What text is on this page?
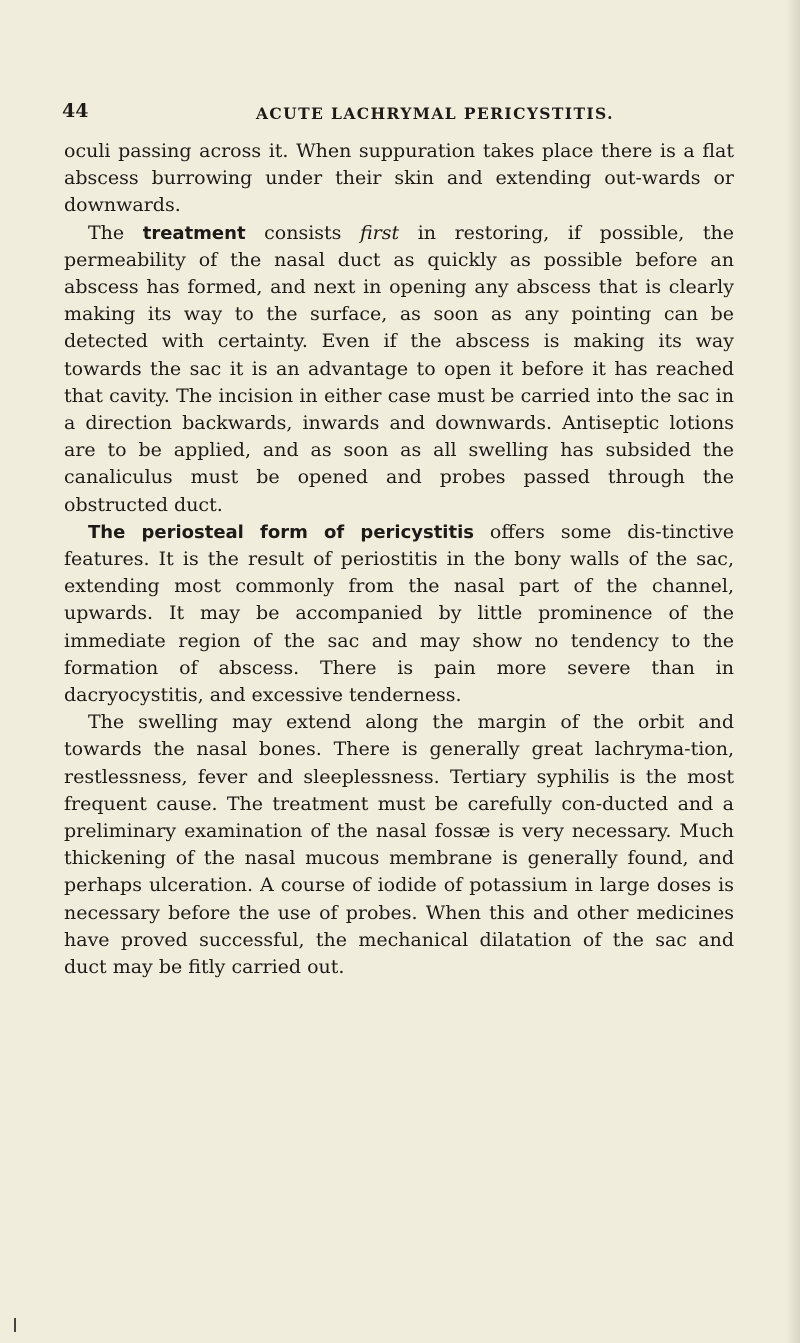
44	ACUTE LACHRYMAL PERICYSTITIS.

oculi passing across it. When suppuration takes place there is a flat abscess burrowing under their skin and extending out-wards or downwards.

The treatment consists first in restoring, if possible, the permeability of the nasal duct as quickly as possible before an abscess has formed, and next in opening any abscess that is clearly making its way to the surface, as soon as any pointing can be detected with certainty. Even if the abscess is making its way towards the sac it is an advantage to open it before it has reached that cavity. The incision in either case must be carried into the sac in a direction backwards, inwards and downwards. Antiseptic lotions are to be applied, and as soon as all swelling has subsided the canaliculus must be opened and probes passed through the obstructed duct.

The periosteal form of pericystitis offers some dis-tinctive features. It is the result of periostitis in the bony walls of the sac, extending most commonly from the nasal part of the channel, upwards. It may be accompanied by little prominence of the immediate region of the sac and may show no tendency to the formation of abscess. There is pain more severe than in dacryocystitis, and excessive tenderness.

The swelling may extend along the margin of the orbit and towards the nasal bones. There is generally great lachryma-tion, restlessness, fever and sleeplessness. Tertiary syphilis is the most frequent cause. The treatment must be carefully con-ducted and a preliminary examination of the nasal fossæ is very necessary. Much thickening of the nasal mucous membrane is generally found, and perhaps ulceration. A course of iodide of potassium in large doses is necessary before the use of probes. When this and other medicines have proved successful, the mechanical dilatation of the sac and duct may be fitly carried out.
